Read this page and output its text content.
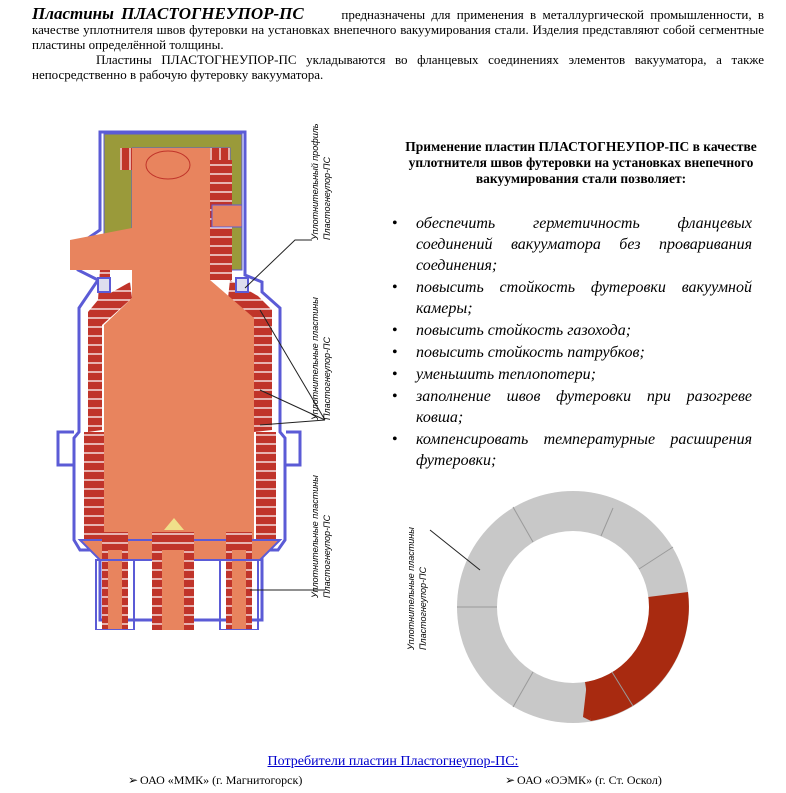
Пластины ПЛАСТОГНЕУПОР-ПС	предназначены для применения в металлургической промышленности, в качестве уплотнителя швов футеровки на установках внепечного вакуумирования стали. Изделия представляют собой сегментные пластины определённой толщины.

Пластины ПЛАСТОГНЕУПОР-ПС укладываются во фланцевых соединениях элементов вакууматора, а также непосредственно в рабочую футеровку вакууматора.

Уплотнительный профиль Пластогнеупор-ПС
Уплотнительные пластины Пластогнеупор-ПС
Уплотнительные пластины Пластогнеупор-ПС
Применение пластин ПЛАСТОГНЕУПОР-ПС в качестве уплотнителя швов футеровки на установках внепечного вакуумирования стали позволяет:
• обеспечить герметичность фланцевых соединений вакууматора без проваривания соединения;
• повысить стойкость футеровки вакуумной камеры;
• повысить стойкость газохода;
• повысить стойкость патрубков;
• уменьшить теплопотери;
• заполнение швов футеровки при разогреве ковша;
• компенсировать температурные расширения футеровки;
Уплотнительные пластины Пластогнеупор-ПС
Потребители пластин Пластогнеупор-ПС:
➢
ОАО «ММК» (г. Магнитогорск)	➢
ОАО «ОЭМК» (г. Ст. Оскол)
